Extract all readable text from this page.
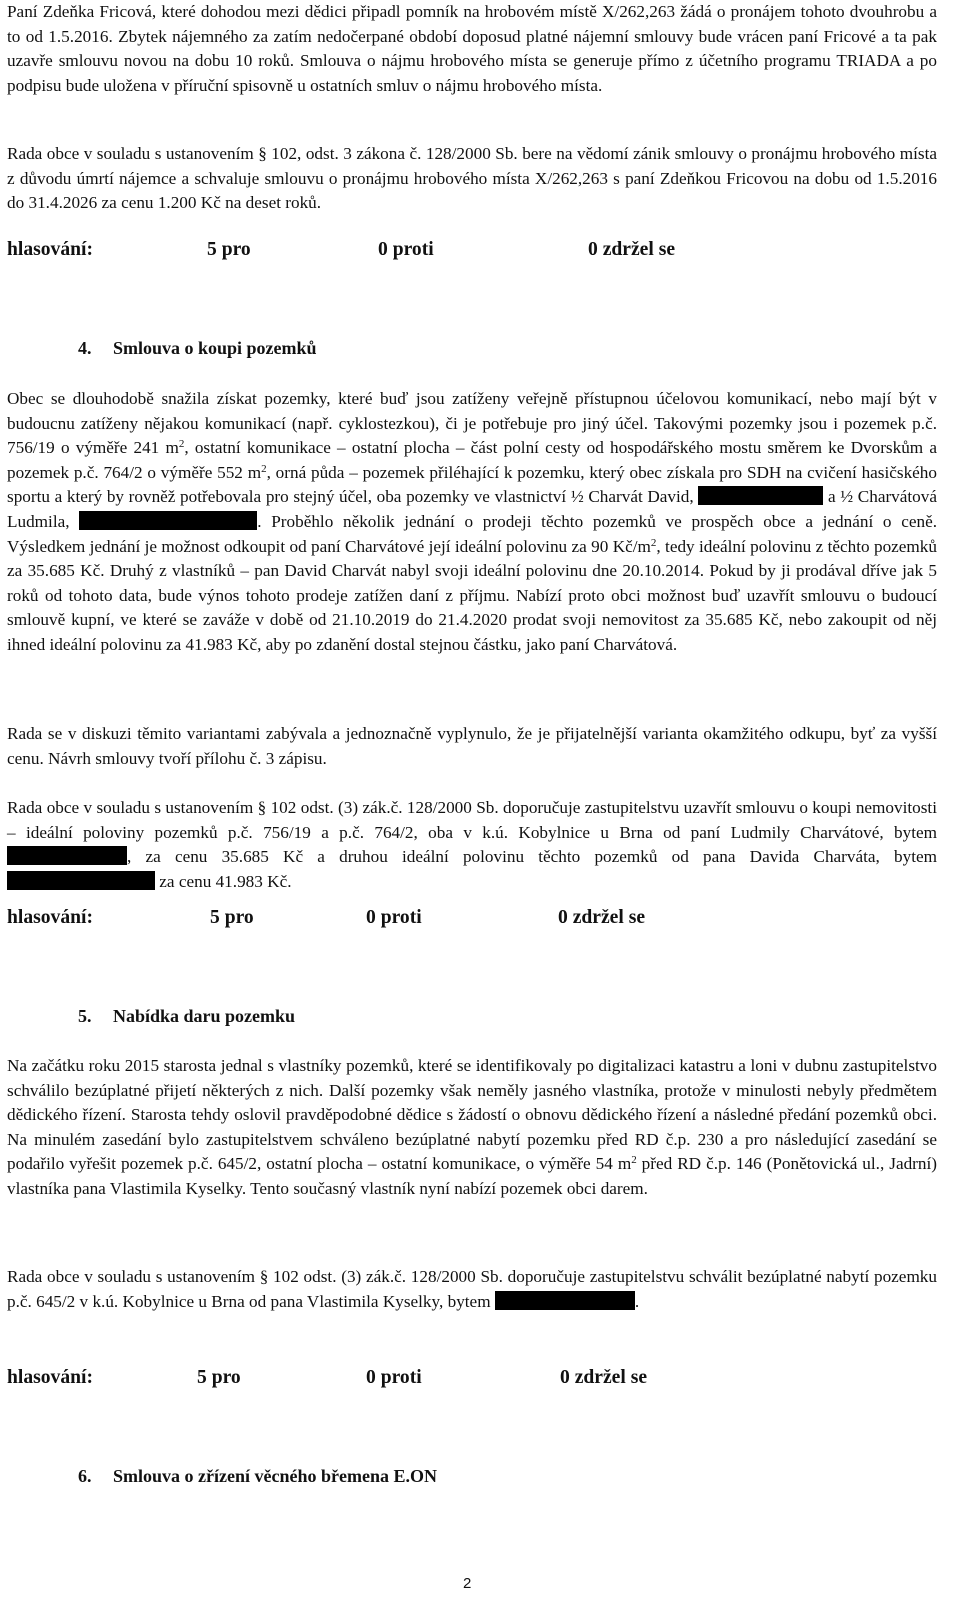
Paní Zdeňka Fricová, které dohodou mezi dědici připadl pomník na hrobovém místě X/262,263 žádá o pronájem tohoto dvouhrobu a to od 1.5.2016. Zbytek nájemného za zatím nedočerpané období doposud platné nájemní smlouvy bude vrácen paní Fricové a ta pak uzavře smlouvu novou na dobu 10 roků. Smlouva o nájmu hrobového místa se generuje přímo z účetního programu TRIADA a po podpisu bude uložena v příruční spisovně u ostatních smluv o nájmu hrobového místa.

Rada obce v souladu s ustanovením § 102, odst. 3 zákona č. 128/2000 Sb. bere na vědomí zánik smlouvy o pronájmu hrobového místa z důvodu úmrtí nájemce a schvaluje smlouvu o pronájmu hrobového místa X/262,263 s paní Zdeňkou Fricovou na dobu od 1.5.2016 do 31.4.2026 za cenu 1.200 Kč na deset roků.

hlasování:	5 pro	0 proti	0 zdržel se
4. Smlouva o koupi pozemků

Obec se dlouhodobě snažila získat pozemky, které buď jsou zatíženy veřejně přístupnou účelovou komunikací, nebo mají být v budoucnu zatíženy nějakou komunikací (např. cyklostezkou), či je potřebuje pro jiný účel. Takovými pozemky jsou i pozemek p.č. 756/19 o výměře 241 $m^2$, ostatní komunikace – ostatní plocha – část polní cesty od hospodářského mostu směrem ke Dvorskům a pozemek p.č. 764/2 o výměře 552 $m^2$, orná půda – pozemek přiléhající k pozemku, který obec získala pro SDH na cvičení hasičského sportu a který by rovněž potřebovala pro stejný účel, oba pozemky ve vlastnictví ½ Charvát David,	a ½ Charvátová Ludmila,	. Proběhlo několik jednání o prodeji těchto pozemků ve prospěch obce a jednání o ceně. Výsledkem jednání je možnost odkoupit od paní Charvátové její ideální polovinu za 90 $Kč/m^2$, tedy ideální polovinu z těchto pozemků za 35.685 Kč. Druhý z vlastníků – pan David Charvát nabyl svoji ideální polovinu dne 20.10.2014. Pokud by ji prodával dříve jak 5 roků od tohoto data, bude výnos tohoto prodeje zatížen daní z příjmu. Nabízí proto obci možnost buď uzavřít smlouvu o budoucí smlouvě kupní, ve které se zaváže v době od 21.10.2019 do 21.4.2020 prodat svoji nemovitost za 35.685 Kč, nebo zakoupit od něj ihned ideální polovinu za 41.983 Kč, aby po zdanění dostal stejnou částku, jako paní Charvátová.

Rada se v diskuzi těmito variantami zabývala a jednoznačně vyplynulo, že je přijatelnější varianta okamžitého odkupu, byť za vyšší cenu. Návrh smlouvy tvoří přílohu č. 3 zápisu.

Rada obce v souladu s ustanovením § 102 odst. (3) zák.č. 128/2000 Sb. doporučuje zastupitelstvu uzavřít smlouvu o koupi nemovitosti – ideální poloviny pozemků p.č. 756/19 a p.č. 764/2, oba v k.ú. Kobylnice u Brna od paní Ludmily Charvátové, bytem , za cenu 35.685 Kč a druhou ideální polovinu těchto pozemků od pana Davida Charváta, bytem  za cenu 41.983 Kč.

hlasování:	5 pro	0 proti	0 zdržel se
5. Nabídka daru pozemku

Na začátku roku 2015 starosta jednal s vlastníky pozemků, které se identifikovaly po digitalizaci katastru a loni v dubnu zastupitelstvo schválilo bezúplatné přijetí některých z nich. Další pozemky však neměly jasného vlastníka, protože v minulosti nebyly předmětem dědického řízení. Starosta tehdy oslovil pravděpodobné dědice s žádostí o obnovu dědického řízení a následné předání pozemků obci. Na minulém zasedání bylo zastupitelstvem schváleno bezúplatné nabytí pozemku před RD č.p. 230 a pro následující zasedání se podařilo vyřešit pozemek p.č. 645/2, ostatní plocha – ostatní komunikace, o výměře 54 $m^2$ před RD č.p. 146 (Ponětovická ul., Jadrní) vlastníka pana Vlastimila Kyselky. Tento současný vlastník nyní nabízí pozemek obci darem.

Rada obce v souladu s ustanovením § 102 odst. (3) zák.č. 128/2000 Sb. doporučuje zastupitelstvu schválit bezúplatné nabytí pozemku p.č. 645/2 v k.ú. Kobylnice u Brna od pana Vlastimila Kyselky, bytem	.

hlasování:	5 pro	0 proti	0 zdržel se
6. Smlouva o zřízení věcného břemena E.ON
2
